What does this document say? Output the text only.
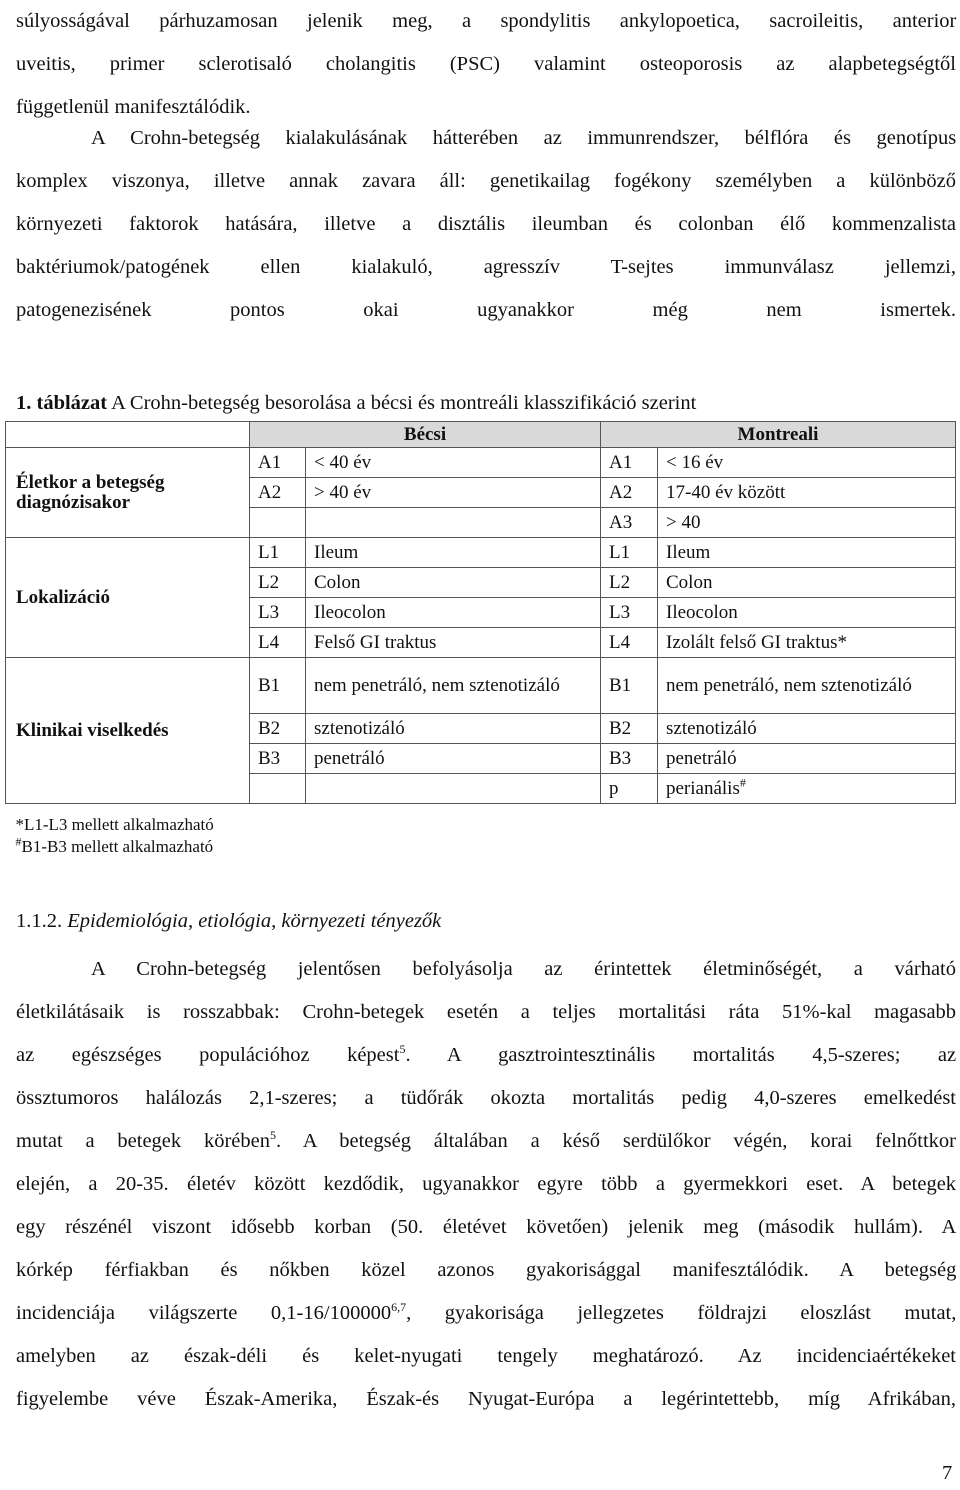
súlyosságával párhuzamosan jelenik meg, a spondylitis ankylopoetica, sacroileitis, anterior
uveitis, primer sclerotisaló cholangitis (PSC) valamint osteoporosis az alapbetegségtől
függetlenül manifesztálódik.
A Crohn-betegség kialakulásának hátterében az immunrendszer, bélflóra és genotípus
komplex viszonya, illetve annak zavara áll: genetikailag fogékony személyben a különböző
környezeti faktorok hatására, illetve a disztális ileumban és colonban élő kommenzalista
baktériumok/patogének ellen kialakuló, agresszív T-sejtes immunválasz jellemzi,
patogenezisének pontos okai ugyanakkor még nem ismertek.
1. táblázat A Crohn-betegség besorolása a bécsi és montreáli klasszifikáció szerint
	Bécsi		Montreali	
Életkor a betegség diagnózisakor	A1	< 40 év	A1	< 16 év
	A2	> 40 év	A2	17-40 év között
			A3	> 40
Lokalizáció	L1	Ileum	L1	Ileum
	L2	Colon	L2	Colon
	L3	Ileocolon	L3	Ileocolon
	L4	Felső GI traktus	L4	Izolált felső GI traktus*
Klinikai viselkedés	B1	nem penetráló, nem sztenotizáló	B1	nem penetráló, nem sztenotizáló
	B2	sztenotizáló	B2	sztenotizáló
	B3	penetráló	B3	penetráló
			p	perianális#
*L1-L3 mellett alkalmazható
#B1-B3 mellett alkalmazható				
1.1.2. Epidemiológia, etiológia, környezeti tényezők
A Crohn-betegség jelentősen befolyásolja az érintettek életminőségét, a várható
életkilátásaik is rosszabbak: Crohn-betegek esetén a teljes mortalitási ráta 51%-kal magasabb
az egészséges populációhoz képest$^5$. A gasztrointesztinális mortalitás 4,5-szeres; az
össztumoros halálozás 2,1-szeres; a tüdőrák okozta mortalitás pedig 4,0-szeres emelkedést
mutat a betegek körében$^5$. A betegség általában a késő serdülőkor végén, korai felnőttkor
elején, a 20-35. életév között kezdődik, ugyanakkor egyre több a gyermekkori eset. A betegek
egy részénél viszont idősebb korban (50. életévet követően) jelenik meg (második hullám). A
kórkép férfiakban és nőkben közel azonos gyakorisággal manifesztálódik. A betegség
incidenciája világszerte 0,1-16/100000$^{6,7}$, gyakorisága jellegzetes földrajzi eloszlást mutat,
amelyben az észak-déli és kelet-nyugati tengely meghatározó. Az incidenciaértékeket
figyelembe véve Észak-Amerika, Észak-és Nyugat-Európa a legérintettebb, míg Afrikában,
7
